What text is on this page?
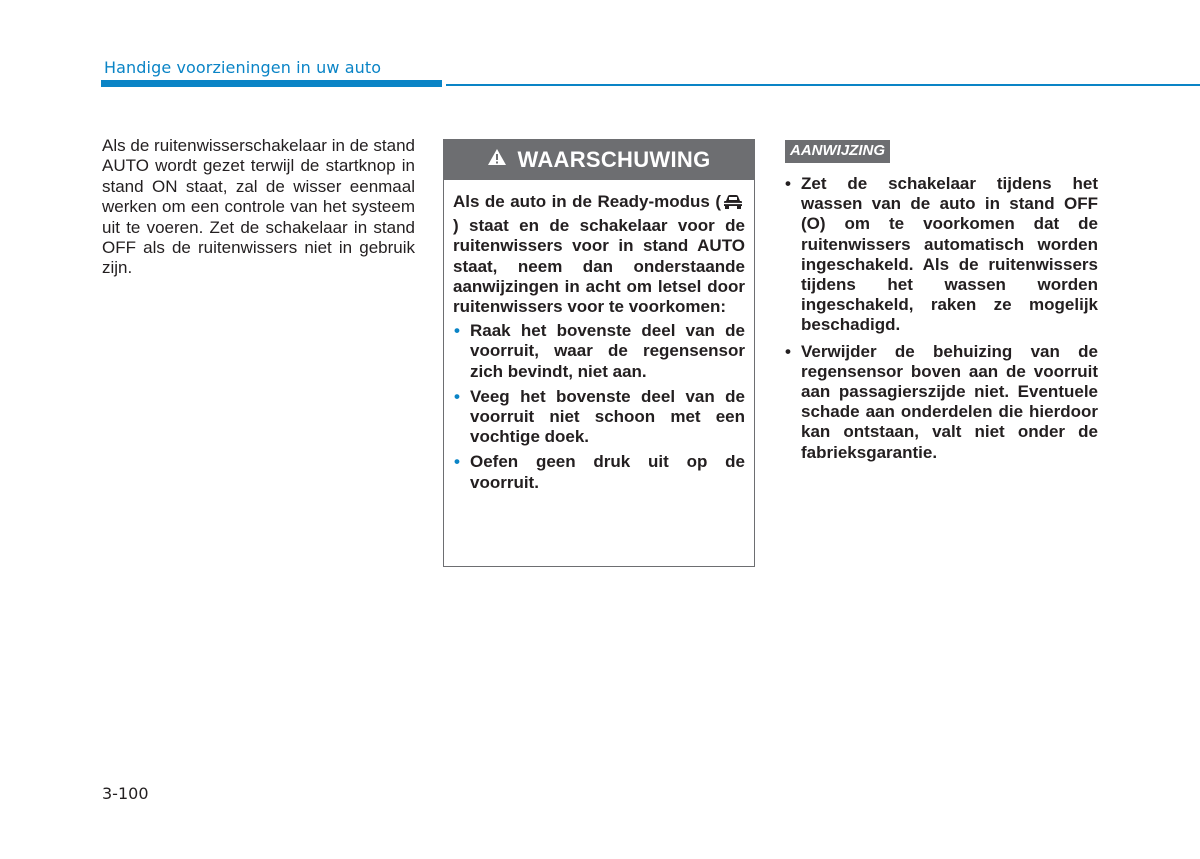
Handige voorzieningen in uw auto
Als de ruitenwisserschakelaar in de stand AUTO wordt gezet terwijl de startknop in stand ON staat, zal de wisser eenmaal werken om een controle van het systeem uit te voeren. Zet de schakelaar in stand OFF als de ruitenwissers niet in gebruik zijn.
WAARSCHUWING
Als de auto in de Ready-modus () staat en de schakelaar voor de ruitenwissers voor in stand AUTO staat, neem dan onderstaande aanwijzingen in acht om letsel door ruitenwissers voor te voorkomen:
• Raak het bovenste deel van de voorruit, waar de regensensor zich bevindt, niet aan.
• Veeg het bovenste deel van de voorruit niet schoon met een vochtige doek.
• Oefen geen druk uit op de voorruit.
AANWIJZING
• Zet de schakelaar tijdens het wassen van de auto in stand OFF (O) om te voorkomen dat de ruitenwissers automatisch worden ingeschakeld. Als de ruitenwissers tijdens het wassen worden ingeschakeld, raken ze mogelijk beschadigd.
• Verwijder de behuizing van de regensensor boven aan de voorruit aan passagierszijde niet. Eventuele schade aan onderdelen die hierdoor kan ontstaan, valt niet onder de fabrieksgarantie.
3-100
